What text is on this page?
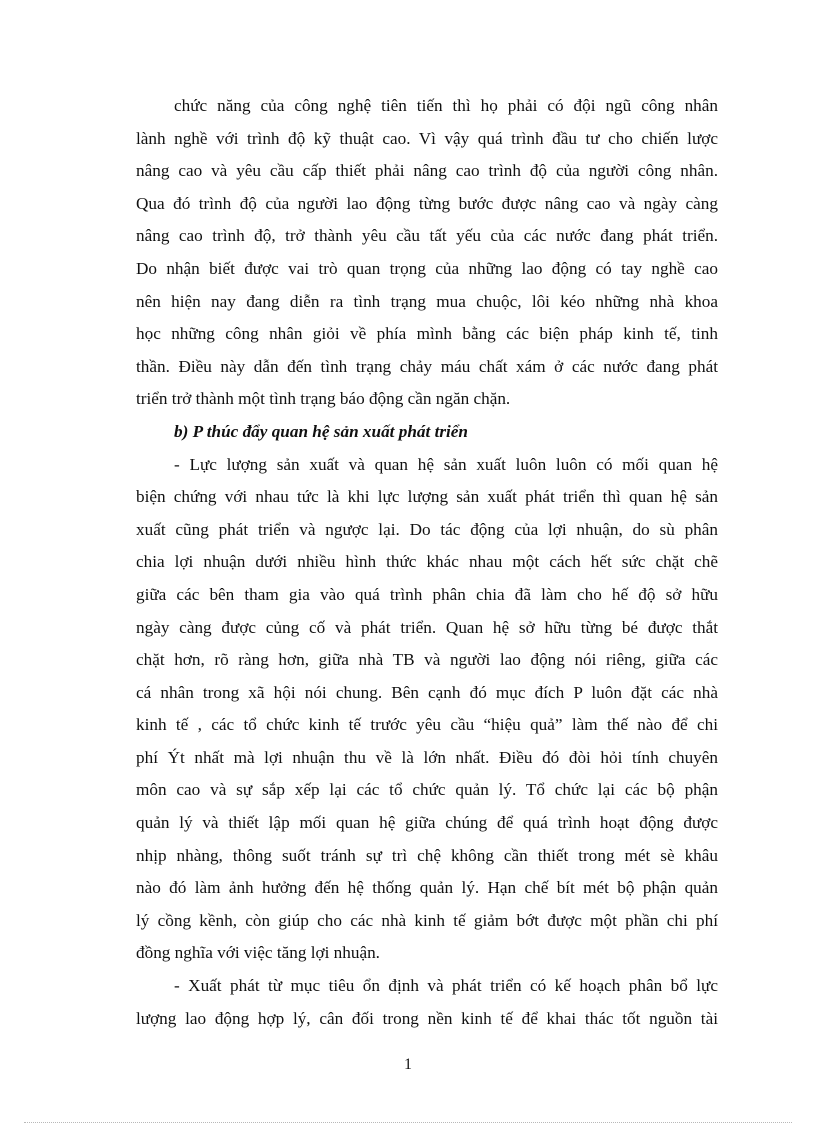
chức năng của công nghệ tiên tiến thì họ phải có đội ngũ công nhân
lành nghề với trình độ kỹ thuật cao. Vì vậy quá trình đầu tư cho chiến lược
nâng cao và yêu cầu cấp thiết phải nâng cao trình độ của người công nhân.
Qua đó trình độ của người lao động từng bước được nâng cao và ngày càng
nâng cao trình độ, trở thành yêu cầu tất yếu của các nước đang phát triển.
Do nhận biết được vai trò quan trọng của những lao động có tay nghề cao
nên hiện nay đang diễn ra tình trạng mua chuộc, lôi kéo những nhà khoa
học những công nhân giỏi về phía mình bằng các biện pháp kinh tế, tinh
thần. Điều này dẫn đến tình trạng chảy máu chất xám ở các nước đang phát
triển trở thành một tình trạng báo động cần ngăn chặn.
b) P thúc đẩy quan hệ sản xuất phát triển
- Lực lượng sản xuất và quan hệ sản xuất luôn luôn có mối quan hệ
biện chứng với nhau tức là khi lực lượng sản xuất phát triển thì quan hệ sản
xuất cũng phát triển và ngược lại. Do tác động của lợi nhuận, do sù phân
chia lợi nhuận dưới nhiều hình thức khác nhau một cách hết sức chặt chẽ
giữa các bên tham gia vào quá trình phân chia đã làm cho hế độ sở hữu
ngày càng được củng cố và phát triển. Quan hệ sở hữu từng bé được thắt
chặt hơn, rõ ràng hơn, giữa nhà TB và người lao động nói riêng, giữa các
cá nhân trong xã hội nói chung. Bên cạnh đó mục đích P luôn đặt các nhà
kinh tế , các tổ chức kinh tế trước yêu cầu “hiệu quả” làm thế nào để chi
phí Ýt nhất mà lợi nhuận thu về là lớn nhất. Điều đó đòi hỏi tính chuyên
môn cao và sự sắp xếp lại các tổ chức quản lý. Tổ chức lại các bộ phận
quản lý và thiết lập mối quan hệ giữa chúng để quá trình hoạt động được
nhịp nhàng, thông suốt tránh sự trì chệ không cần thiết trong mét sè khâu
nào đó làm ảnh hưởng đến hệ thống quản lý. Hạn chế bít mét bộ phận quản
lý cồng kềnh, còn giúp cho các nhà kinh tế giảm bớt được một phần chi phí
đồng nghĩa với việc tăng lợi nhuận.
- Xuất phát từ mục tiêu ổn định và phát triển có kế hoạch phân bổ lực
lượng lao động hợp lý, cân đối trong nền kinh tế để khai thác tốt nguồn tài
1
